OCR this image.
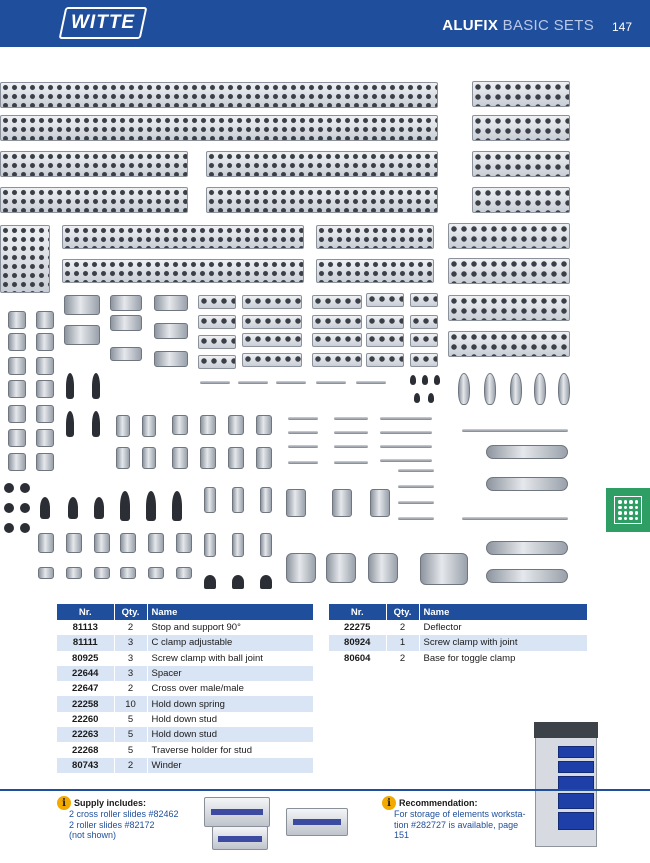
WITTE	ALUFIX BASIC SETS 147
Nr.	Qty.	Name
81113	2	Stop and support 90°
81111	3	C clamp adjustable
80925	3	Screw clamp with ball joint
22644	3	Spacer
22647	2	Cross over male/male
22258	10	Hold down spring
22260	5	Hold down stud
22263	5	Hold down stud
22268	5	Traverse holder for stud
80743	2	Winder
Nr.	Qty.	Name
22275	2	Deflector
80924	1	Screw clamp with joint
80604	2	Base for toggle clamp
i Supply includes:
2 cross roller slides #82462
2 roller slides #82172
(not shown)
i Recommendation:
For storage of elements worksta-
tion #282727 is available, page
151
